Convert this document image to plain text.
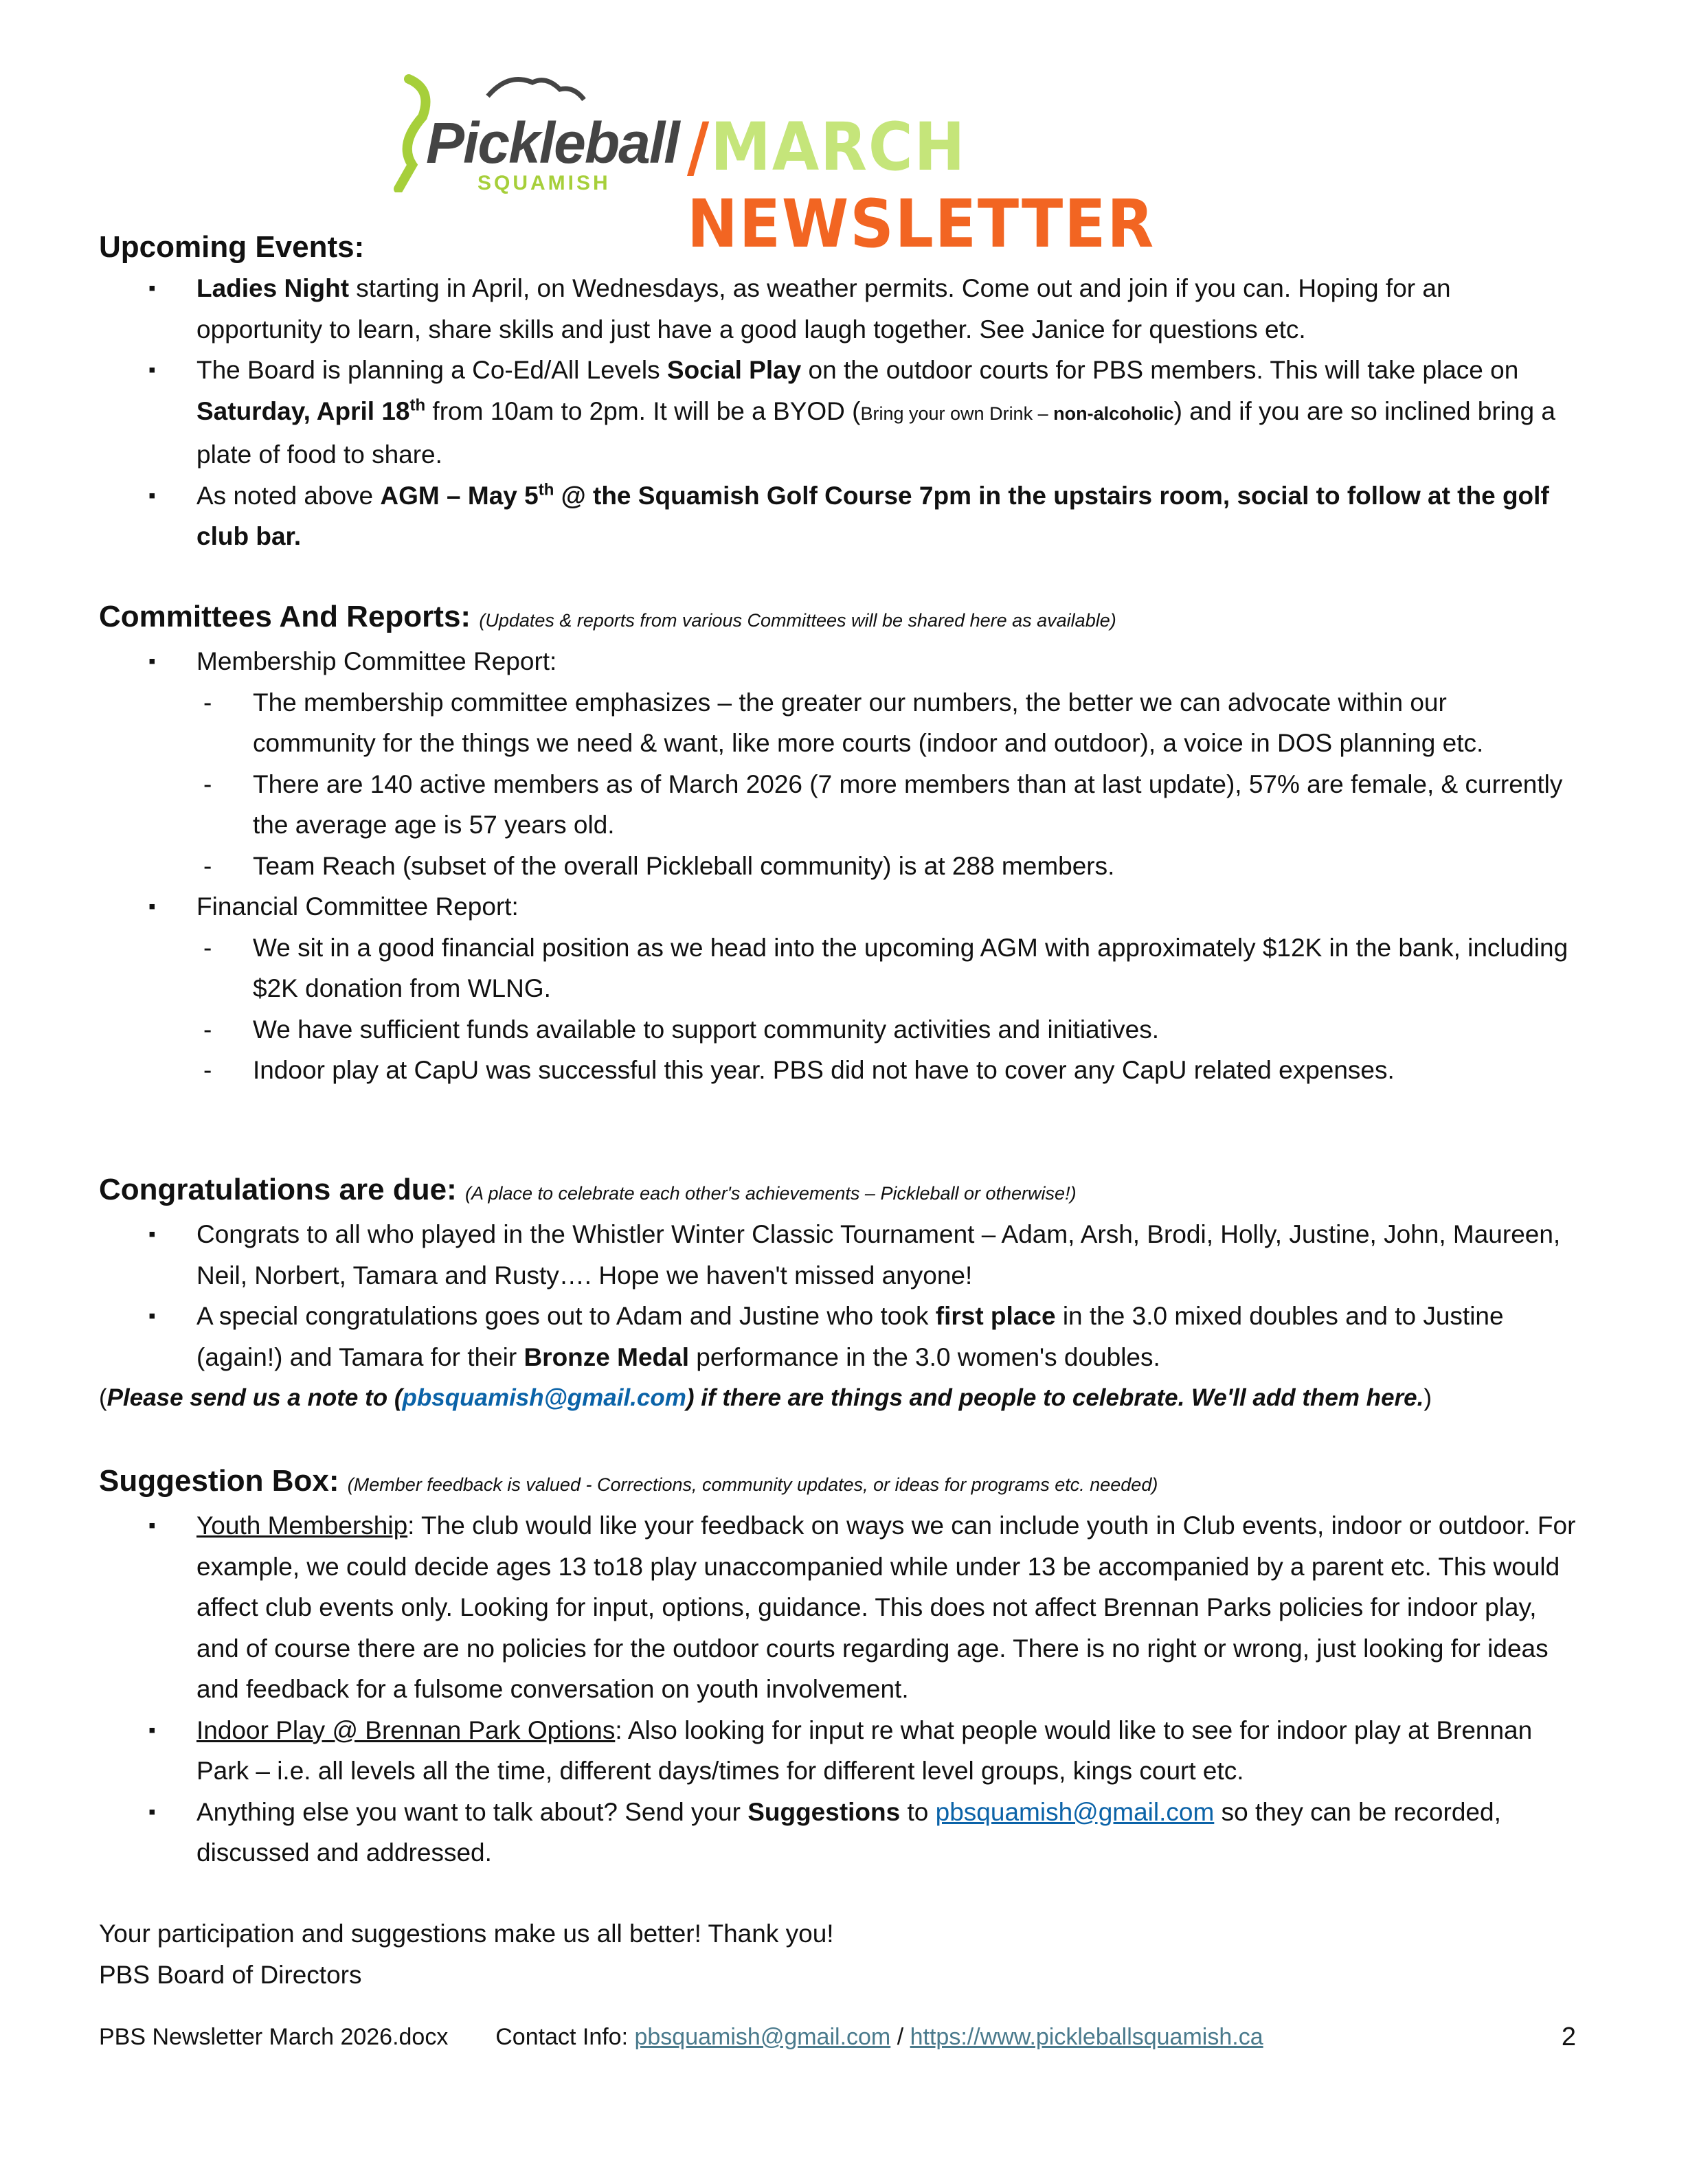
Pickleball
SQUAMISH /MARCH NEWSLETTER
Upcoming Events:
▪ Ladies Night starting in April, on Wednesdays, as weather permits. Come out and join if you can. Hoping for an opportunity to learn, share skills and just have a good laugh together. See Janice for questions etc.
▪ The Board is planning a Co-Ed/All Levels Social Play on the outdoor courts for PBS members. This will take place on Saturday, April 18th from 10am to 2pm. It will be a BYOD (Bring your own Drink – non-alcoholic) and if you are so inclined bring a plate of food to share.
▪ As noted above AGM – May 5th @ the Squamish Golf Course 7pm in the upstairs room, social to follow at the golf club bar.
Committees And Reports: (Updates & reports from various Committees will be shared here as available)
▪ Membership Committee Report:
- The membership committee emphasizes – the greater our numbers, the better we can advocate within our community for the things we need & want, like more courts (indoor and outdoor), a voice in DOS planning etc.
- There are 140 active members as of March 2026 (7 more members than at last update), 57% are female, & currently the average age is 57 years old.
- Team Reach (subset of the overall Pickleball community) is at 288 members.
▪ Financial Committee Report:
- We sit in a good financial position as we head into the upcoming AGM with approximately $12K in the bank, including $2K donation from WLNG.
- We have sufficient funds available to support community activities and initiatives.
- Indoor play at CapU was successful this year. PBS did not have to cover any CapU related expenses.
Congratulations are due: (A place to celebrate each other's achievements – Pickleball or otherwise!)
▪ Congrats to all who played in the Whistler Winter Classic Tournament – Adam, Arsh, Brodi, Holly, Justine, John, Maureen, Neil, Norbert, Tamara and Rusty…. Hope we haven't missed anyone!
▪ A special congratulations goes out to Adam and Justine who took first place in the 3.0 mixed doubles and to Justine (again!) and Tamara for their Bronze Medal performance in the 3.0 women's doubles.
(Please send us a note to (pbsquamish@gmail.com) if there are things and people to celebrate. We'll add them here.)
Suggestion Box: (Member feedback is valued - Corrections, community updates, or ideas for programs etc. needed)
▪ Youth Membership: The club would like your feedback on ways we can include youth in Club events, indoor or outdoor. For example, we could decide ages 13 to18 play unaccompanied while under 13 be accompanied by a parent etc. This would affect club events only. Looking for input, options, guidance. This does not affect Brennan Parks policies for indoor play, and of course there are no policies for the outdoor courts regarding age. There is no right or wrong, just looking for ideas and feedback for a fulsome conversation on youth involvement.
▪ Indoor Play @ Brennan Park Options: Also looking for input re what people would like to see for indoor play at Brennan Park – i.e. all levels all the time, different days/times for different level groups, kings court etc.
▪ Anything else you want to talk about? Send your Suggestions to pbsquamish@gmail.com so they can be recorded, discussed and addressed.
Your participation and suggestions make us all better! Thank you!
PBS Board of Directors
PBS Newsletter March 2026.docx Contact Info: pbsquamish@gmail.com / https://www.pickleballsquamish.ca	2
